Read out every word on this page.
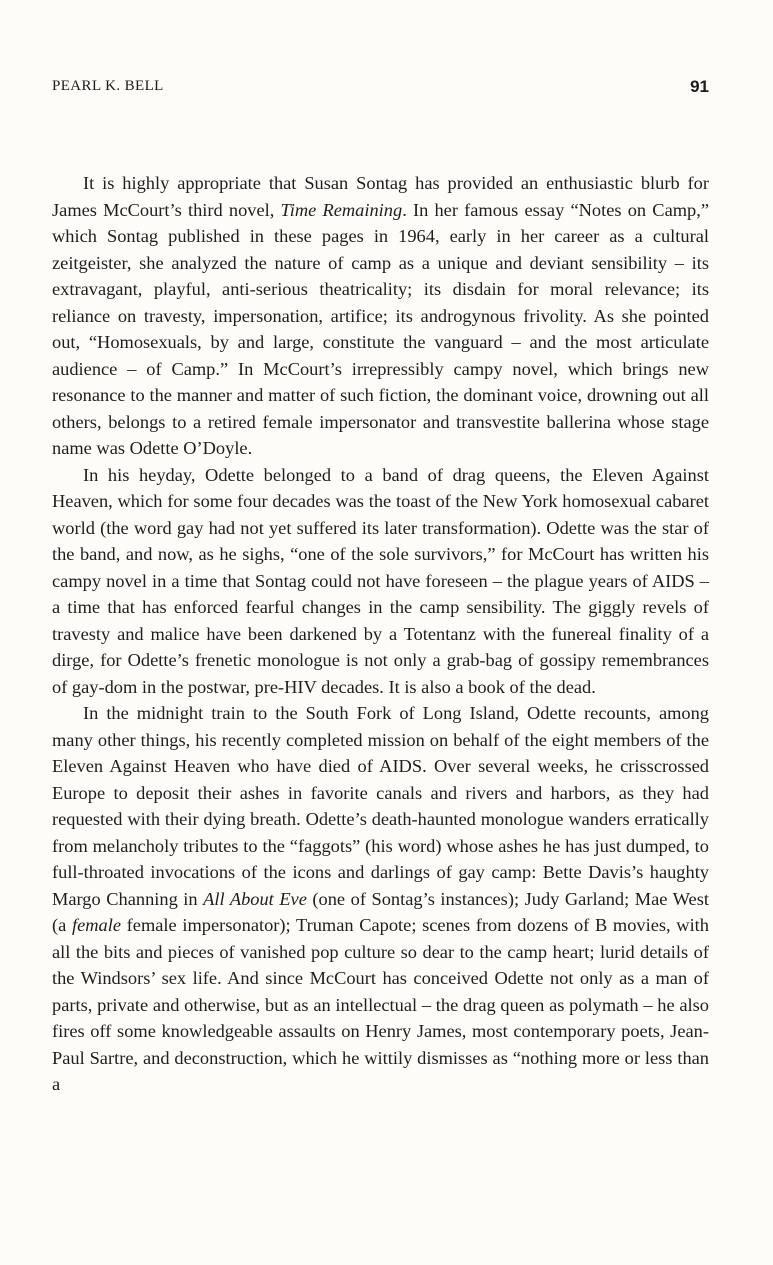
PEARL K. BELL	91

It is highly appropriate that Susan Sontag has provided an enthusiastic blurb for James McCourt’s third novel, Time Remaining. In her famous essay “Notes on Camp,” which Sontag published in these pages in 1964, early in her career as a cultural zeitgeister, she analyzed the nature of camp as a unique and deviant sensibility – its extravagant, playful, anti-serious theatricality; its disdain for moral relevance; its reliance on travesty, impersonation, artifice; its androgynous frivolity. As she pointed out, “Homosexuals, by and large, constitute the vanguard – and the most articulate audience – of Camp.” In McCourt’s irrepressibly campy novel, which brings new resonance to the manner and matter of such fiction, the dominant voice, drowning out all others, belongs to a retired female impersonator and transvestite ballerina whose stage name was Odette O’Doyle.

In his heyday, Odette belonged to a band of drag queens, the Eleven Against Heaven, which for some four decades was the toast of the New York homosexual cabaret world (the word gay had not yet suffered its later transformation). Odette was the star of the band, and now, as he sighs, “one of the sole survivors,” for McCourt has written his campy novel in a time that Sontag could not have foreseen – the plague years of AIDS – a time that has enforced fearful changes in the camp sensibility. The giggly revels of travesty and malice have been darkened by a Totentanz with the funereal finality of a dirge, for Odette’s frenetic monologue is not only a grab-bag of gossipy remembrances of gay-dom in the postwar, pre-HIV decades. It is also a book of the dead.

In the midnight train to the South Fork of Long Island, Odette recounts, among many other things, his recently completed mission on behalf of the eight members of the Eleven Against Heaven who have died of AIDS. Over several weeks, he crisscrossed Europe to deposit their ashes in favorite canals and rivers and harbors, as they had requested with their dying breath. Odette’s death-haunted monologue wanders erratically from melancholy tributes to the “faggots” (his word) whose ashes he has just dumped, to full-throated invocations of the icons and darlings of gay camp: Bette Davis’s haughty Margo Channing in All About Eve (one of Sontag’s instances); Judy Garland; Mae West (a female female impersonator); Truman Capote; scenes from dozens of B movies, with all the bits and pieces of vanished pop culture so dear to the camp heart; lurid details of the Windsors’ sex life. And since McCourt has conceived Odette not only as a man of parts, private and otherwise, but as an intellectual – the drag queen as polymath – he also fires off some knowledgeable assaults on Henry James, most contemporary poets, Jean-Paul Sartre, and deconstruction, which he wittily dismisses as “nothing more or less than a
